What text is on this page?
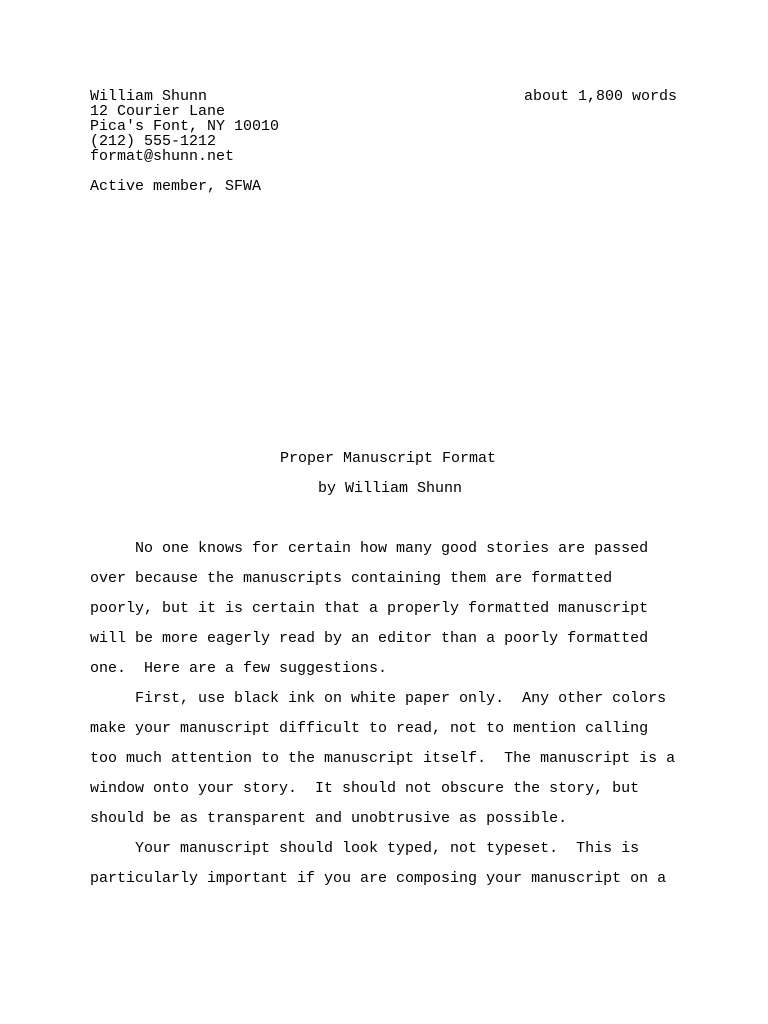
William Shunn
12 Courier Lane
Pica's Font, NY 10010
(212) 555-1212
format@shunn.net
about 1,800 words
Active member, SFWA
Proper Manuscript Format
by William Shunn
No one knows for certain how many good stories are passed
over because the manuscripts containing them are formatted
poorly, but it is certain that a properly formatted manuscript
will be more eagerly read by an editor than a poorly formatted
one.  Here are a few suggestions.
First, use black ink on white paper only.  Any other colors
make your manuscript difficult to read, not to mention calling
too much attention to the manuscript itself.  The manuscript is a
window onto your story.  It should not obscure the story, but
should be as transparent and unobtrusive as possible.
Your manuscript should look typed, not typeset.  This is
particularly important if you are composing your manuscript on a
